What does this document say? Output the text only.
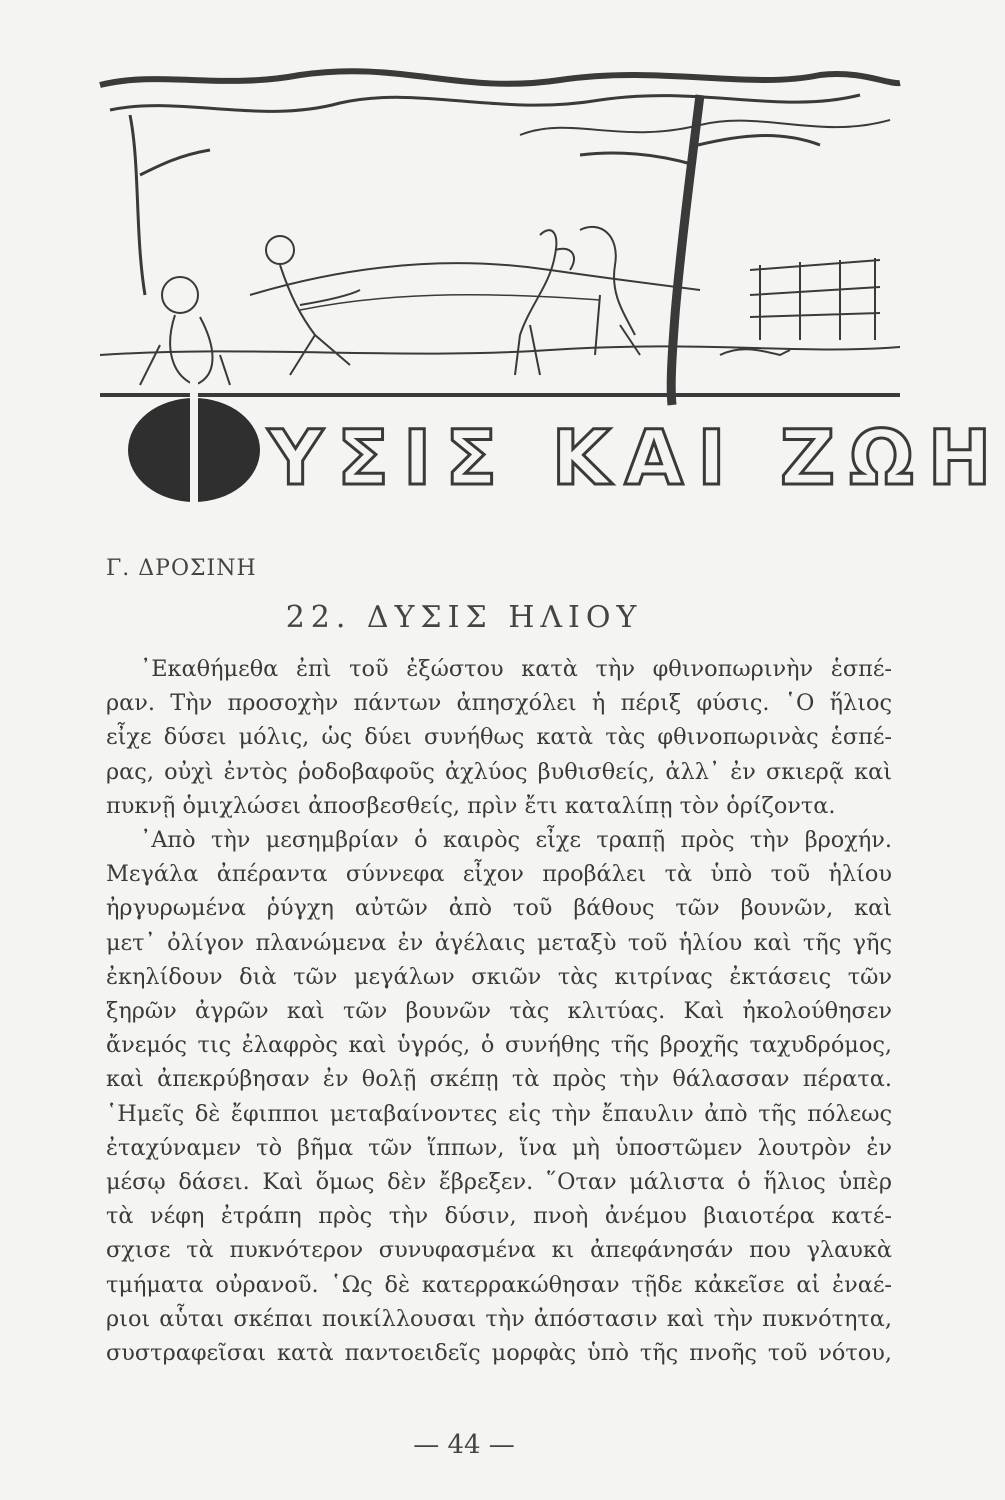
ΥΣΙΣ ΚΑΙ ΖΩΗ
Γ. ΔΡΟΣΙΝΗ
22. ΔΥΣΙΣ ΗΛΙΟΥ

᾿Εκαθήμεθα ἐπὶ τοῦ ἐξώστου κατὰ τὴν φθινοπωρινὴν ἑσπέ-

ραν. Τὴν προσοχὴν πάντων ἀπησχόλει ἡ πέριξ φύσις. ῾Ο ἥλιος

εἶχε δύσει μόλις, ὡς δύει συνήθως κατὰ τὰς φθινοπωρινὰς ἑσπέ-

ρας, οὐχὶ ἐντὸς ῥοδοβαφοῦς ἀχλύος βυθισθείς, ἀλλ᾿ ἐν σκιερᾷ καὶ

πυκνῇ ὁμιχλώσει ἀποσβεσθείς, πρὶν ἔτι καταλίπῃ τὸν ὁρίζοντα.

᾿Απὸ τὴν μεσημβρίαν ὁ καιρὸς εἶχε τραπῇ πρὸς τὴν βροχήν.

Μεγάλα ἀπέραντα σύννεφα εἶχον προβάλει τὰ ὑπὸ τοῦ ἡλίου

ἠργυρωμένα ῥύγχη αὐτῶν ἀπὸ τοῦ βάθους τῶν βουνῶν, καὶ

μετ᾿ ὀλίγον πλανώμενα ἐν ἀγέλαις μεταξὺ τοῦ ἡλίου καὶ τῆς γῆς

ἐκηλίδουν διὰ τῶν μεγάλων σκιῶν τὰς κιτρίνας ἐκτάσεις τῶν

ξηρῶν ἀγρῶν καὶ τῶν βουνῶν τὰς κλιτύας. Καὶ ἠκολούθησεν

ἄνεμός τις ἐλαφρὸς καὶ ὑγρός, ὁ συνήθης τῆς βροχῆς ταχυδρόμος,

καὶ ἀπεκρύβησαν ἐν θολῇ σκέπῃ τὰ πρὸς τὴν θάλασσαν πέρατα.

῾Ημεῖς δὲ ἔφιπποι μεταβαίνοντες εἰς τὴν ἔπαυλιν ἀπὸ τῆς πόλεως

ἐταχύναμεν τὸ βῆμα τῶν ἵππων, ἵνα μὴ ὑποστῶμεν λουτρὸν ἐν

μέσῳ δάσει. Καὶ ὅμως δὲν ἔβρεξεν. ῞Οταν μάλιστα ὁ ἥλιος ὑπὲρ

τὰ νέφη ἐτράπη πρὸς τὴν δύσιν, πνοὴ ἀνέμου βιαιοτέρα κατέ-

σχισε τὰ πυκνότερον συνυφασμένα κι ἀπεφάνησάν που γλαυκὰ

τμήματα οὐρανοῦ. ῾Ως δὲ κατερρακώθησαν τῇδε κἀκεῖσε αἱ ἐναέ-

ριοι αὗται σκέπαι ποικίλλουσαι τὴν ἀπόστασιν καὶ τὴν πυκνότητα,

συστραφεῖσαι κατὰ παντοειδεῖς μορφὰς ὑπὸ τῆς πνοῆς τοῦ νότου,

— 44 —
